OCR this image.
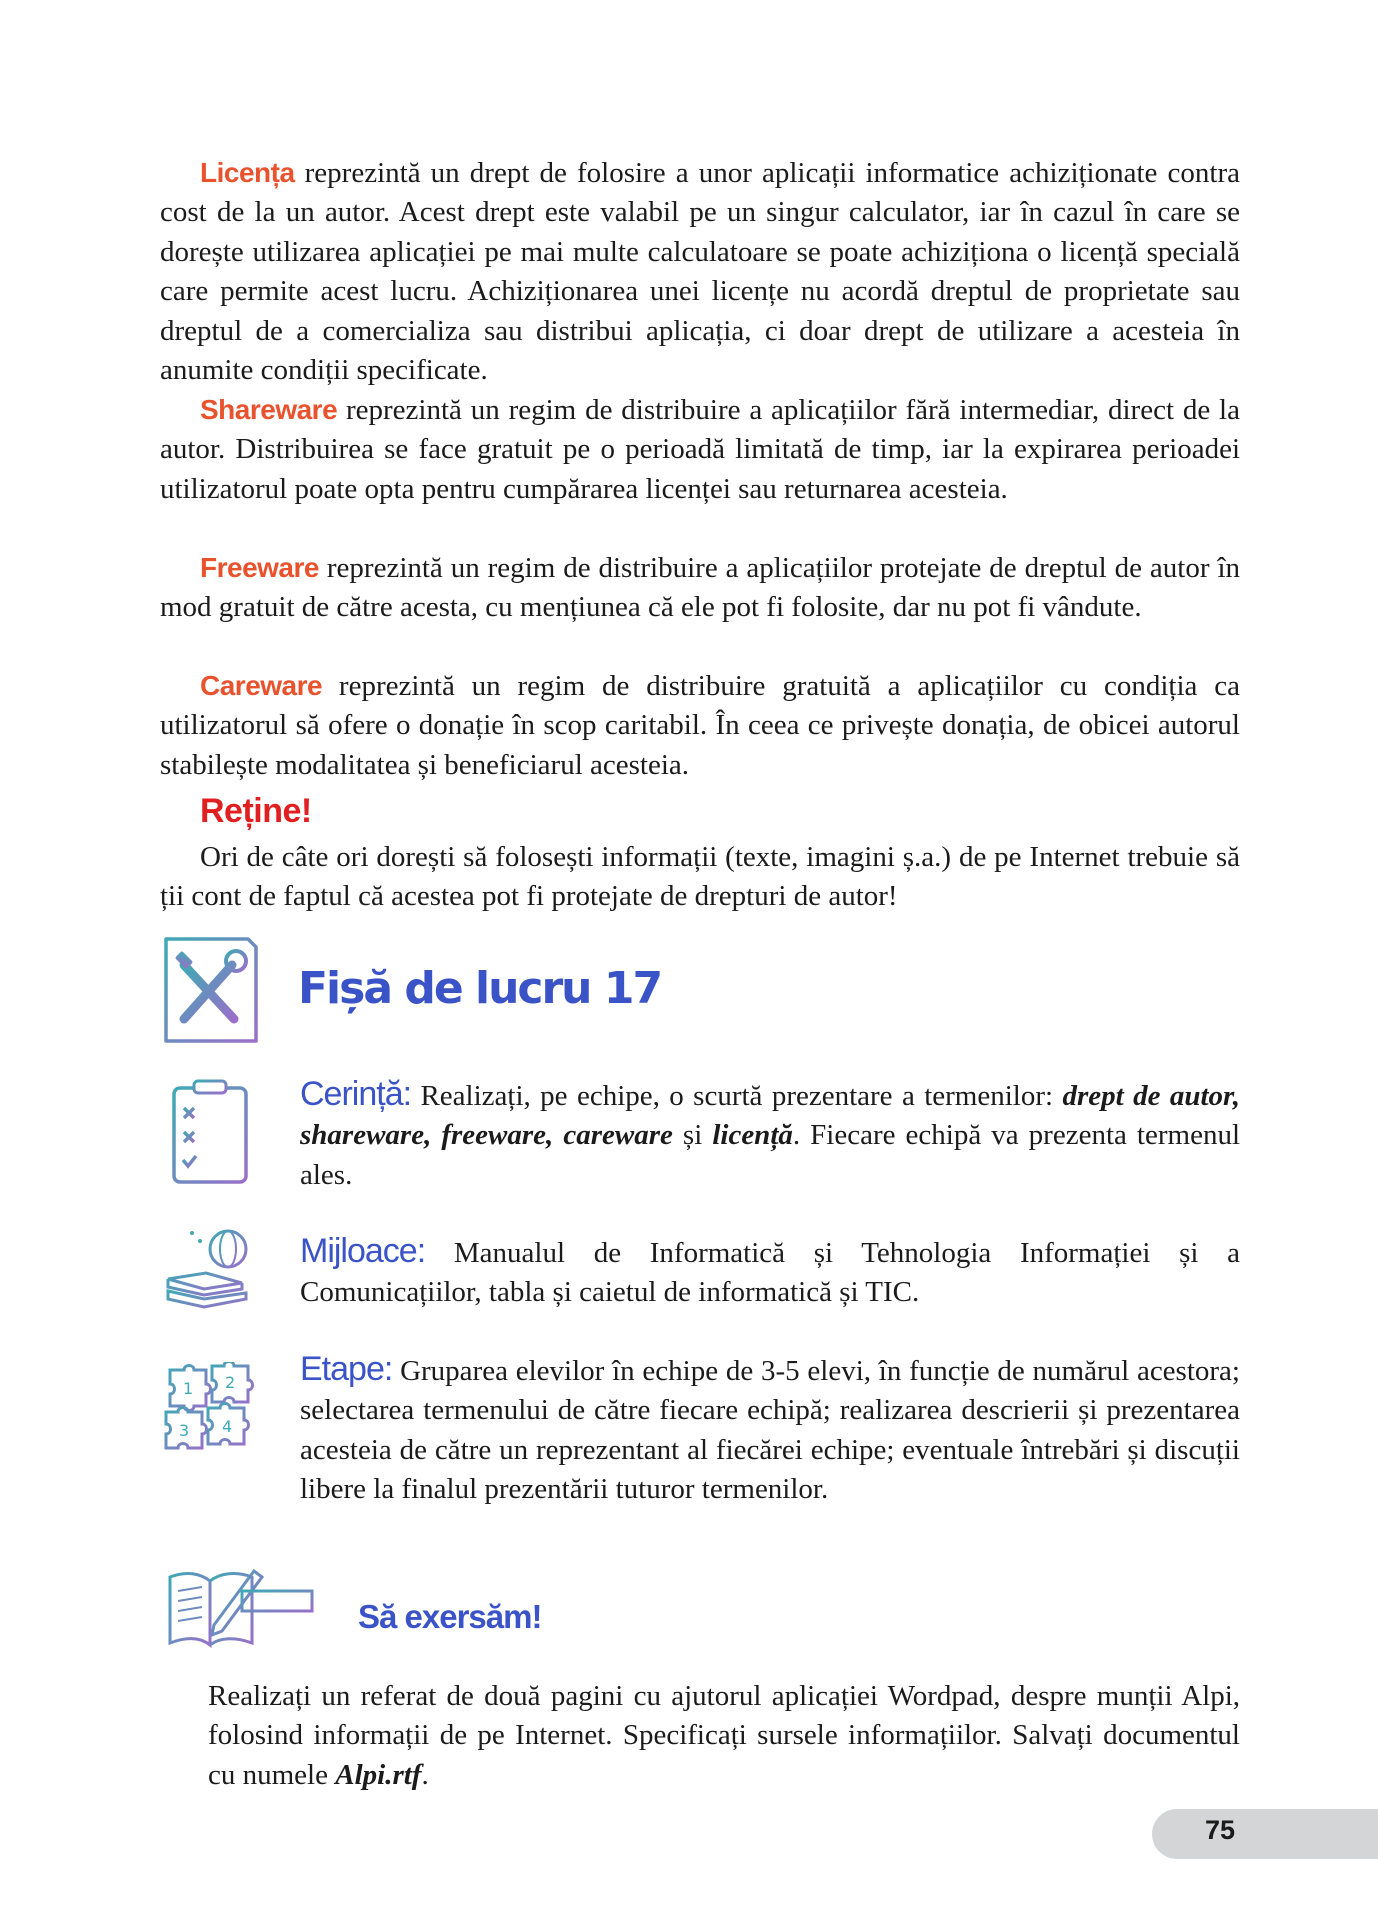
Licența reprezintă un drept de folosire a unor aplicații informatice achiziționate contra cost de la un autor. Acest drept este valabil pe un singur calculator, iar în cazul în care se dorește utilizarea aplicației pe mai multe calculatoare se poate achiziționa o licență specială care permite acest lucru. Achiziționarea unei licențe nu acordă dreptul de proprietate sau dreptul de a comercializa sau distribui aplicația, ci doar drept de utilizare a acesteia în anumite condiții specificate.

Shareware reprezintă un regim de distribuire a aplicațiilor fără intermediar, direct de la autor. Distribuirea se face gratuit pe o perioadă limitată de timp, iar la expirarea perioadei utilizatorul poate opta pentru cumpărarea licenței sau returnarea acesteia.

Freeware reprezintă un regim de distribuire a aplicațiilor protejate de dreptul de autor în mod gratuit de către acesta, cu mențiunea că ele pot fi folosite, dar nu pot fi vândute.

Careware reprezintă un regim de distribuire gratuită a aplicațiilor cu condiția ca utilizatorul să ofere o donație în scop caritabil. În ceea ce privește donația, de obicei autorul stabilește modalitatea și beneficiarul acesteia.

Reține!

Ori de câte ori dorești să folosești informații (texte, imagini ș.a.) de pe Internet trebuie să ții cont de faptul că acestea pot fi protejate de drepturi de autor!

Fișă de lucru 17

Cerință: Realizați, pe echipe, o scurtă prezentare a termenilor: drept de autor, shareware, freeware, careware și licență. Fiecare echipă va prezenta termenul ales.

Mijloace: Manualul de Informatică și Tehnologia Informației și a Comunicațiilor, tabla și caietul de informatică și TIC.

1 2
3 4

Etape: Gruparea elevilor în echipe de 3-5 elevi, în funcție de numărul acestora; selectarea termenului de către fiecare echipă; realizarea descrierii și prezentarea acesteia de către un reprezentant al fiecărei echipe; eventuale întrebări și discuții libere la finalul prezentării tuturor termenilor.

Să exersăm!

Realizați un referat de două pagini cu ajutorul aplicației Wordpad, despre munții Alpi, folosind informații de pe Internet. Specificați sursele informațiilor. Salvați documentul cu numele Alpi.rtf.

75
